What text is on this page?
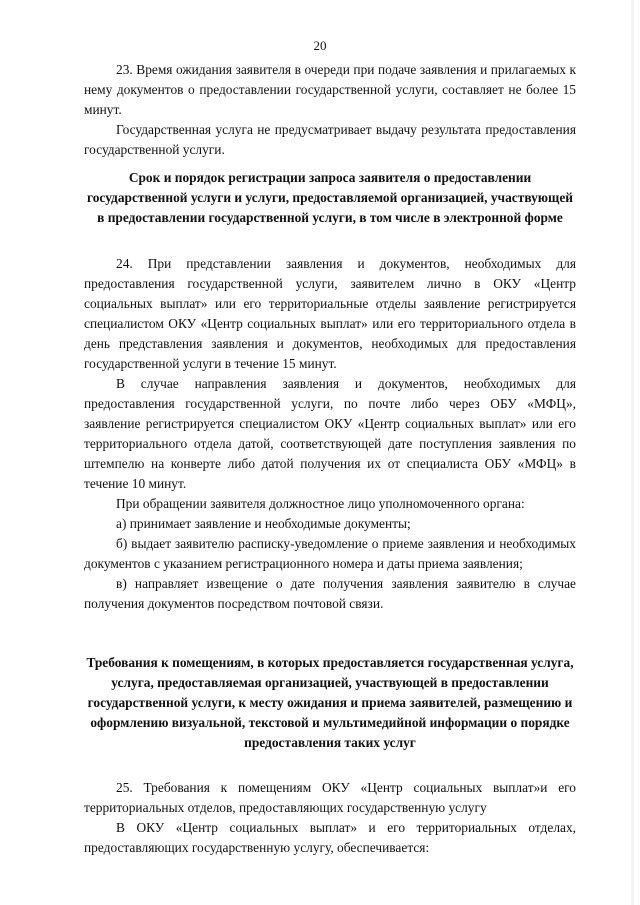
20

23. Время ожидания заявителя в очереди при подаче заявления и прилагаемых к нему документов о предоставлении государственной услуги, составляет не более 15 минут.

Государственная услуга не предусматривает выдачу результата предоставления государственной услуги.

Срок и порядок регистрации запроса заявителя о предоставлении государственной услуги и услуги, предоставляемой организацией, участвующей в предоставлении государственной услуги, в том числе в электронной форме

24. При представлении заявления и документов, необходимых для предоставления государственной услуги, заявителем лично в ОКУ «Центр социальных выплат» или его территориальные отделы заявление регистрируется специалистом ОКУ «Центр социальных выплат» или его территориального отдела в день представления заявления и документов, необходимых для предоставления государственной услуги в течение 15 минут.

В случае направления заявления и документов, необходимых для предоставления государственной услуги, по почте либо через ОБУ «МФЦ», заявление регистрируется специалистом ОКУ «Центр социальных выплат» или его территориального отдела датой, соответствующей дате поступления заявления по штемпелю на конверте либо датой получения их от специалиста ОБУ «МФЦ» в течение 10 минут.

При обращении заявителя должностное лицо уполномоченного органа:

а) принимает заявление и необходимые документы;

б) выдает заявителю расписку-уведомление о приеме заявления и необходимых документов с указанием регистрационного номера и даты приема заявления;

в) направляет извещение о дате получения заявления заявителю в случае получения документов посредством почтовой связи.

Требования к помещениям, в которых предоставляется государственная услуга, услуга, предоставляемая организацией, участвующей в предоставлении государственной услуги, к месту ожидания и приема заявителей, размещению и оформлению визуальной, текстовой и мультимедийной информации о порядке предоставления таких услуг

25. Требования к помещениям ОКУ «Центр социальных выплат»и его территориальных отделов, предоставляющих государственную услугу

В ОКУ «Центр социальных выплат» и его территориальных отделах, предоставляющих государственную услугу, обеспечивается:
